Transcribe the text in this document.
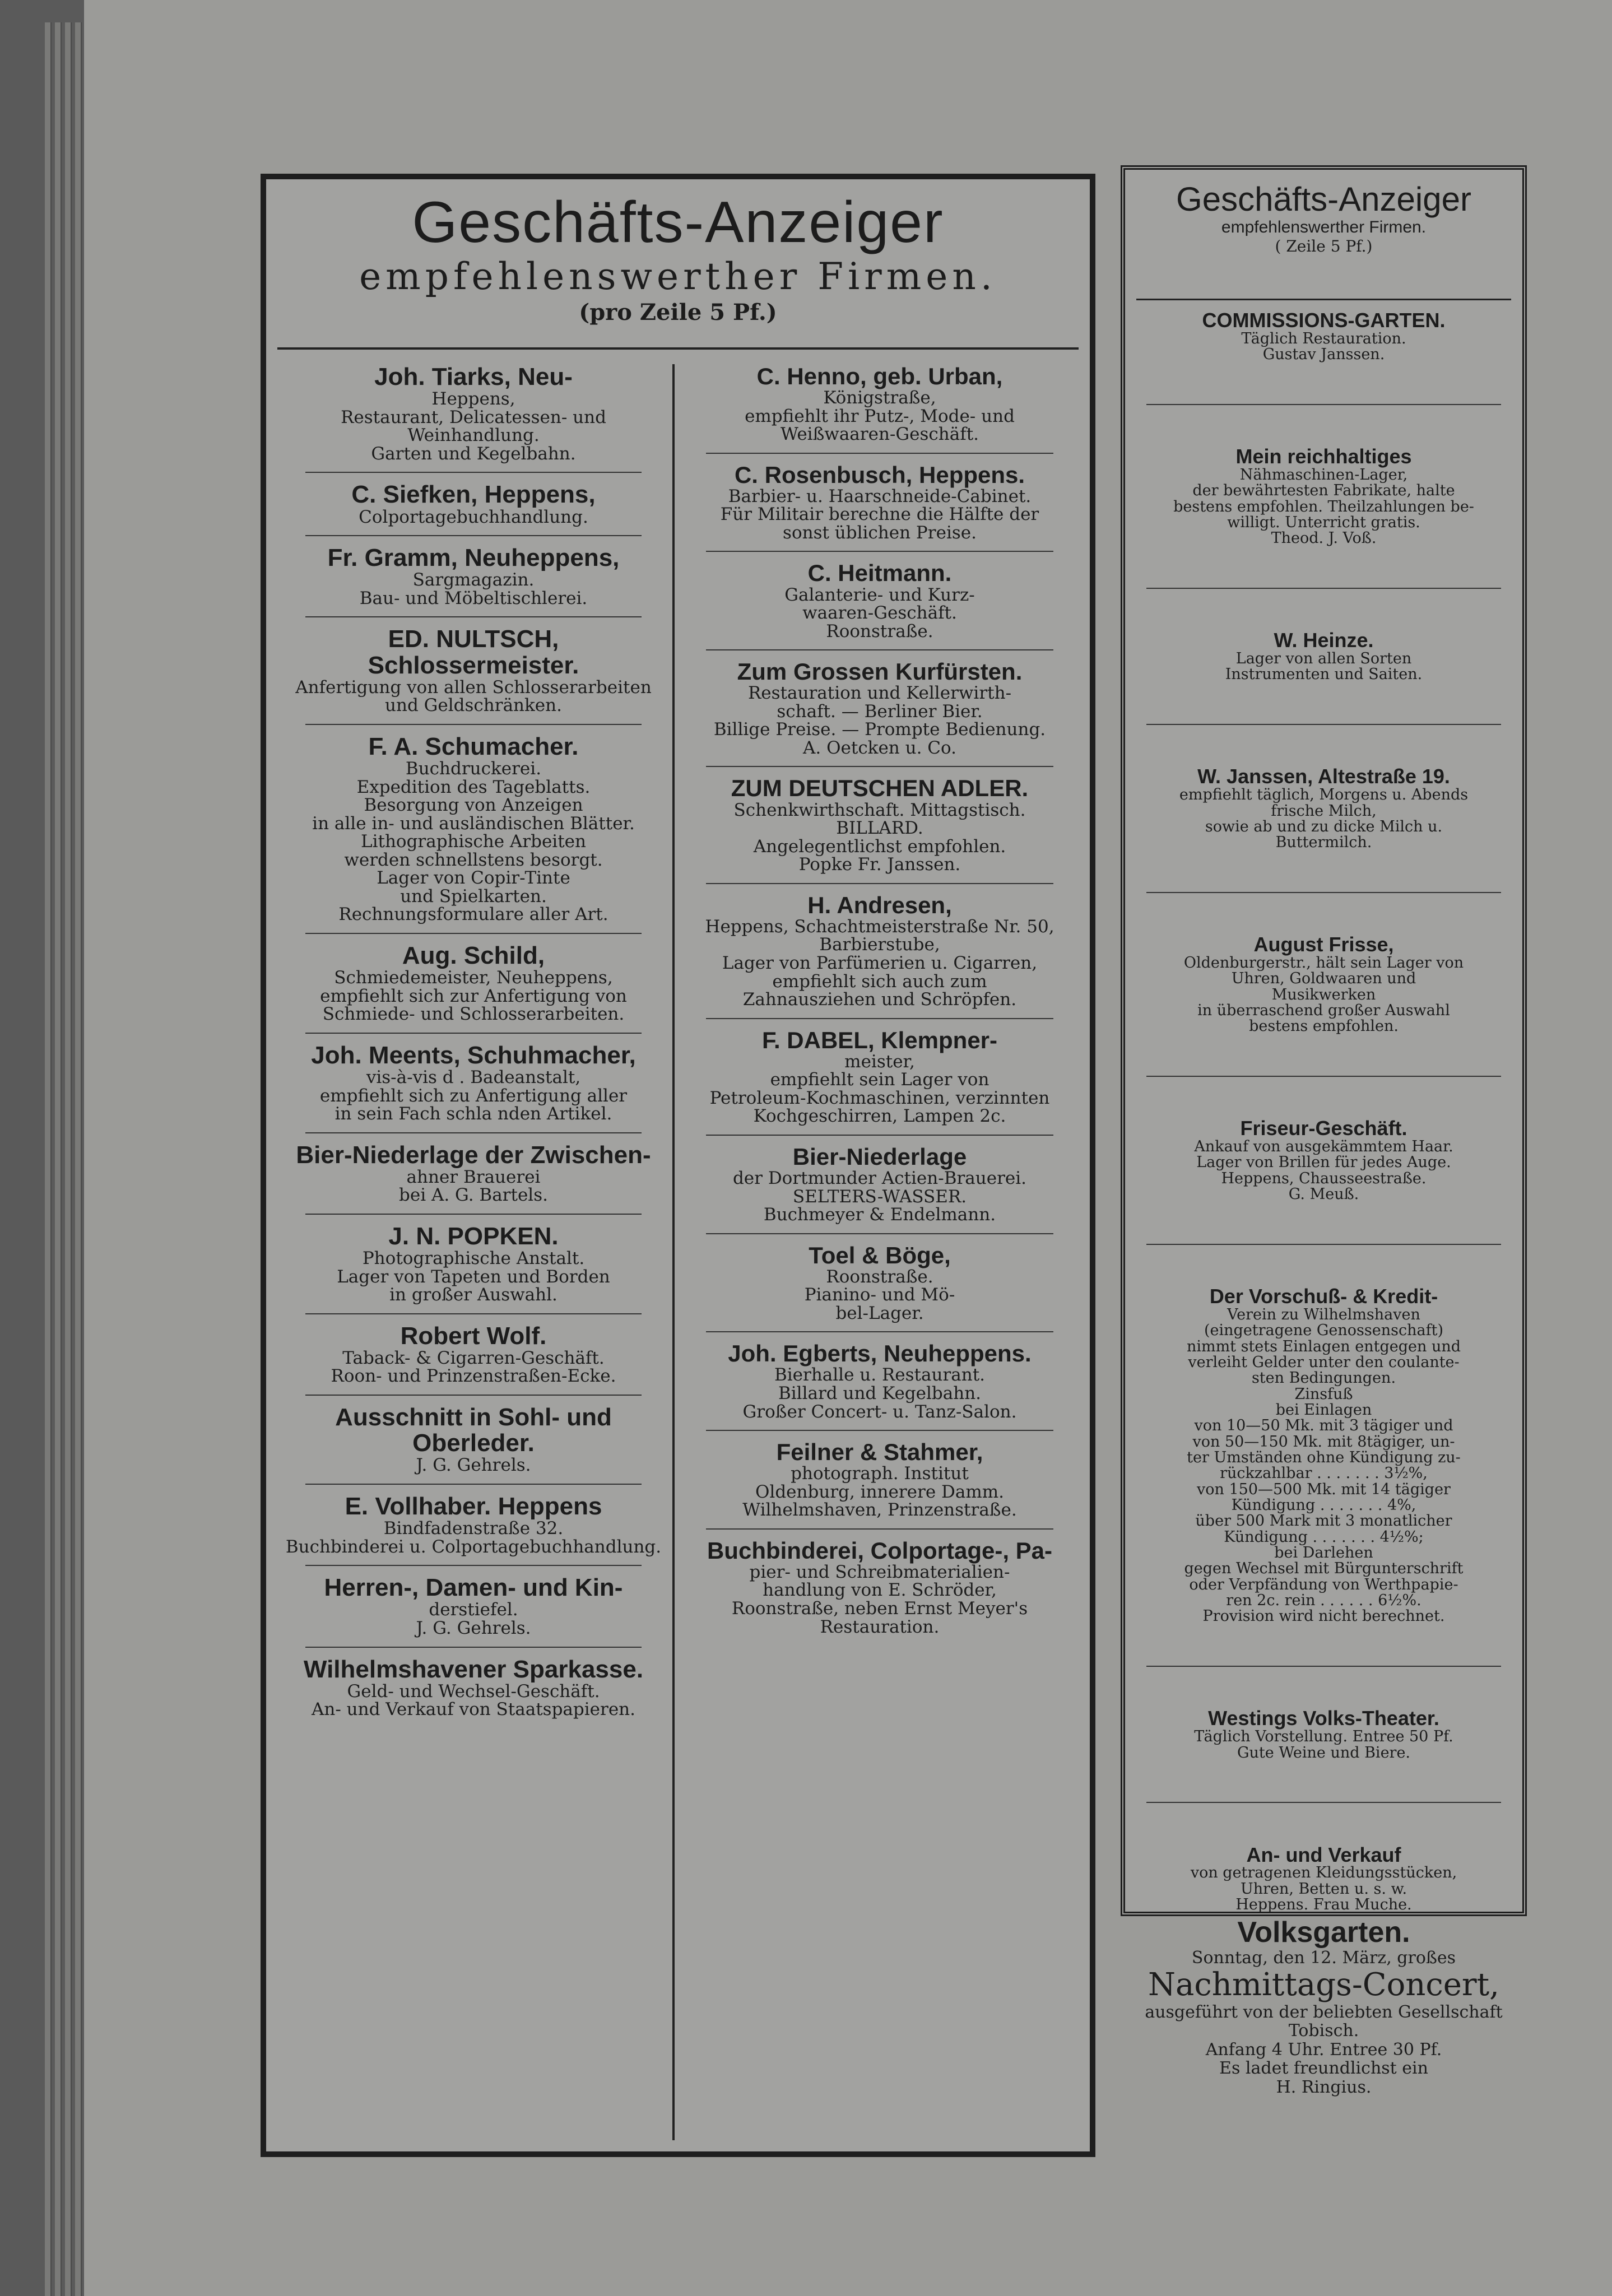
Geschäfts-Anzeiger
empfehlenswerther Firmen.
(pro Zeile 5 Pf.)
Joh. Tiarks, Neu-
Heppens,
Restaurant, Delicatessen- und
Weinhandlung.
Garten und Kegelbahn.
C. Siefken, Heppens,
Colportagebuchhandlung.
Fr. Gramm, Neuheppens,
Sargmagazin.
Bau- und Möbeltischlerei.
ED. NULTSCH, Schlossermeister.
Anfertigung von allen Schlosserarbeiten
und Geldschränken.
F. A. Schumacher.
Buchdruckerei.
Expedition des Tageblatts.
Besorgung von Anzeigen
in alle in- und ausländischen Blätter.
Lithographische Arbeiten
werden schnellstens besorgt.
Lager von Copir-Tinte
und Spielkarten.
Rechnungsformulare aller Art.
Aug. Schild,
Schmiedemeister, Neuheppens,
empfiehlt sich zur Anfertigung von
Schmiede- und Schlosserarbeiten.
Joh. Meents, Schuhmacher,
vis-à-vis d . Badeanstalt,
empfiehlt sich zu Anfertigung aller
in sein Fach schla nden Artikel.
Bier-Niederlage der Zwischen-
ahner Brauerei
bei A. G. Bartels.
J. N. POPKEN.
Photographische Anstalt.
Lager von Tapeten und Borden
in großer Auswahl.
Robert Wolf.
Taback- & Cigarren-Geschäft.
Roon- und Prinzenstraßen-Ecke.
Ausschnitt in Sohl- und Oberleder.
J. G. Gehrels.
E. Vollhaber. Heppens
Bindfadenstraße 32.
Buchbinderei u. Colportagebuchhandlung.
Herren-, Damen- und Kin-
derstiefel.
J. G. Gehrels.
Wilhelmshavener Sparkasse.
Geld- und Wechsel-Geschäft.
An- und Verkauf von Staatspapieren.
C. Henno, geb. Urban,
Königstraße,
empfiehlt ihr Putz-, Mode- und
Weißwaaren-Geschäft.
C. Rosenbusch, Heppens.
Barbier- u. Haarschneide-Cabinet.
Für Militair berechne die Hälfte der
sonst üblichen Preise.
C. Heitmann.
Galanterie- und Kurz-
waaren-Geschäft.
Roonstraße.
Zum Grossen Kurfürsten.
Restauration und Kellerwirth-
schaft. — Berliner Bier.
Billige Preise. — Prompte Bedienung.
A. Oetcken u. Co.
ZUM DEUTSCHEN ADLER.
Schenkwirthschaft. Mittagstisch.
BILLARD.
Angelegentlichst empfohlen.
Popke Fr. Janssen.
H. Andresen,
Heppens, Schachtmeisterstraße Nr. 50,
Barbierstube,
Lager von Parfümerien u. Cigarren,
empfiehlt sich auch zum
Zahnausziehen und Schröpfen.
F. DABEL, Klempner-
meister,
empfiehlt sein Lager von
Petroleum-Kochmaschinen, verzinnten
Kochgeschirren, Lampen 2c.
Bier-Niederlage
der Dortmunder Actien-Brauerei.
SELTERS-WASSER.
Buchmeyer & Endelmann.
Toel & Böge,
Roonstraße.
Pianino- und Mö-
bel-Lager.
Joh. Egberts, Neuheppens.
Bierhalle u. Restaurant.
Billard und Kegelbahn.
Großer Concert- u. Tanz-Salon.
Feilner & Stahmer,
photograph. Institut
Oldenburg, innerere Damm.
Wilhelmshaven, Prinzenstraße.
Buchbinderei, Colportage-, Pa-
pier- und Schreibmaterialien-
handlung von E. Schröder,
Roonstraße, neben Ernst Meyer's
Restauration.
Geschäfts-Anzeiger
empfehlenswerther Firmen.
( Zeile 5 Pf.)
COMMISSIONS-GARTEN.
Täglich Restauration.
Gustav Janssen.
Mein reichhaltiges
Nähmaschinen-Lager,
der bewährtesten Fabrikate, halte
bestens empfohlen. Theilzahlungen be-
willigt. Unterricht gratis.
Theod. J. Voß.
W. Heinze.
Lager von allen Sorten
Instrumenten und Saiten.
W. Janssen, Altestraße 19.
empfiehlt täglich, Morgens u. Abends
frische Milch,
sowie ab und zu dicke Milch u.
Buttermilch.
August Frisse,
Oldenburgerstr., hält sein Lager von
Uhren, Goldwaaren und
Musikwerken
in überraschend großer Auswahl
bestens empfohlen.
Friseur-Geschäft.
Ankauf von ausgekämmtem Haar.
Lager von Brillen für jedes Auge.
Heppens, Chausseestraße.
G. Meuß.
Der Vorschuß- & Kredit-
Verein zu Wilhelmshaven
(eingetragene Genossenschaft)
nimmt stets Einlagen entgegen und
verleiht Gelder unter den coulante-
sten Bedingungen.
Zinsfuß
bei Einlagen
von 10—50 Mk. mit 3 tägiger und
von 50—150 Mk. mit 8tägiger, un-
ter Umständen ohne Kündigung zu-
rückzahlbar . . . . . . . 3½%,
von 150—500 Mk. mit 14 tägiger
Kündigung . . . . . . . 4%,
über 500 Mark mit 3 monatlicher
Kündigung . . . . . . . 4½%;
bei Darlehen
gegen Wechsel mit Bürgunterschrift
oder Verpfändung von Werthpapie-
ren 2c. rein . . . . . . 6½%.
Provision wird nicht berechnet.
Westings Volks-Theater.
Täglich Vorstellung. Entree 50 Pf.
Gute Weine und Biere.
An- und Verkauf
von getragenen Kleidungsstücken,
Uhren, Betten u. s. w.
Heppens. Frau Muche.
Volksgarten.
Sonntag, den 12. März, großes
Nachmittags-Concert,
ausgeführt von der beliebten Gesellschaft
Tobisch.
Anfang 4 Uhr. Entree 30 Pf.
Es ladet freundlichst ein
H. Ringius.
